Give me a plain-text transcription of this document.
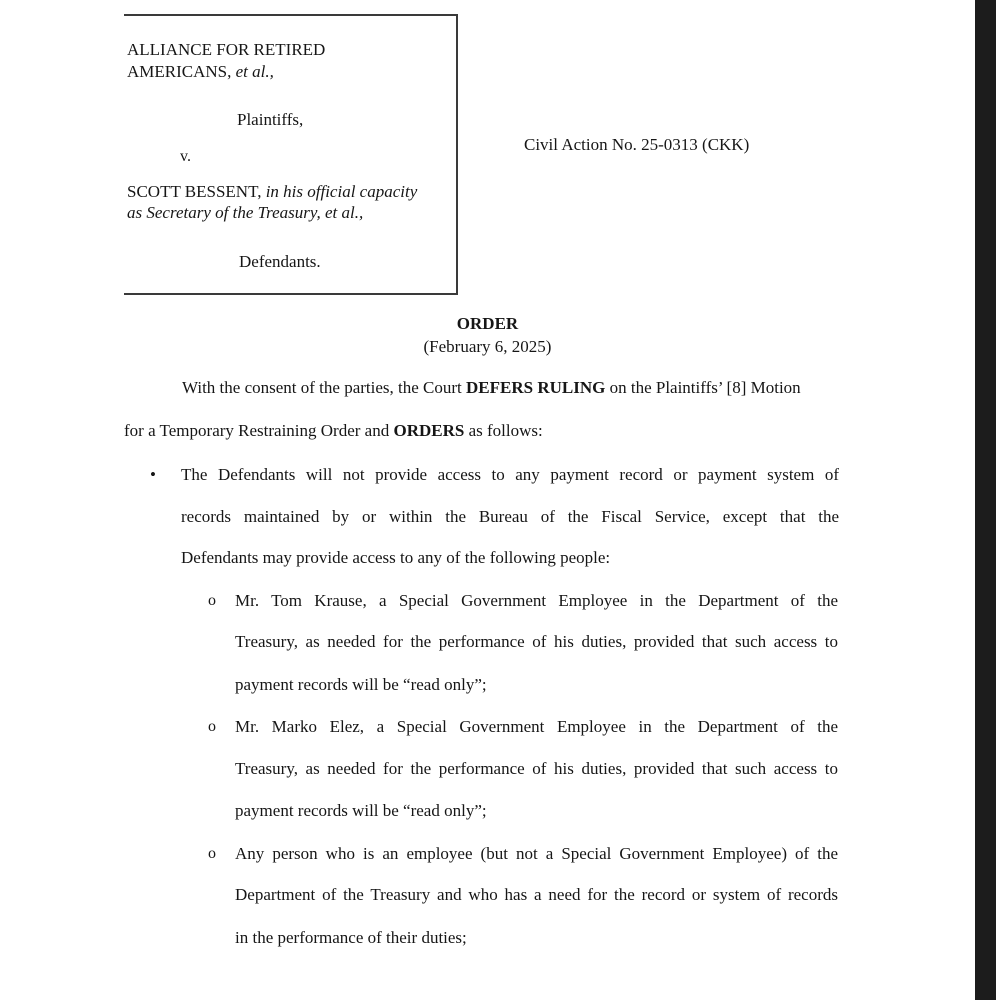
ALLIANCE FOR RETIRED
AMERICANS, et al.,
Plaintiffs,
v.
SCOTT BESSENT, in his official capacity
as Secretary of the Treasury, et al.,
Defendants.
Civil Action No. 25-0313 (CKK)
ORDER
(February 6, 2025)
With the consent of the parties, the Court DEFERS RULING on the Plaintiffs’ [8] Motion
for a Temporary Restraining Order and ORDERS as follows:
• The Defendants will not provide access to any payment record or payment system of
records maintained by or within the Bureau of the Fiscal Service, except that the
Defendants may provide access to any of the following people:
o Mr. Tom Krause, a Special Government Employee in the Department of the
Treasury, as needed for the performance of his duties, provided that such access to
payment records will be “read only”;
o Mr. Marko Elez, a Special Government Employee in the Department of the
Treasury, as needed for the performance of his duties, provided that such access to
payment records will be “read only”;
o Any person who is an employee (but not a Special Government Employee) of the
Department of the Treasury and who has a need for the record or system of records
in the performance of their duties;
